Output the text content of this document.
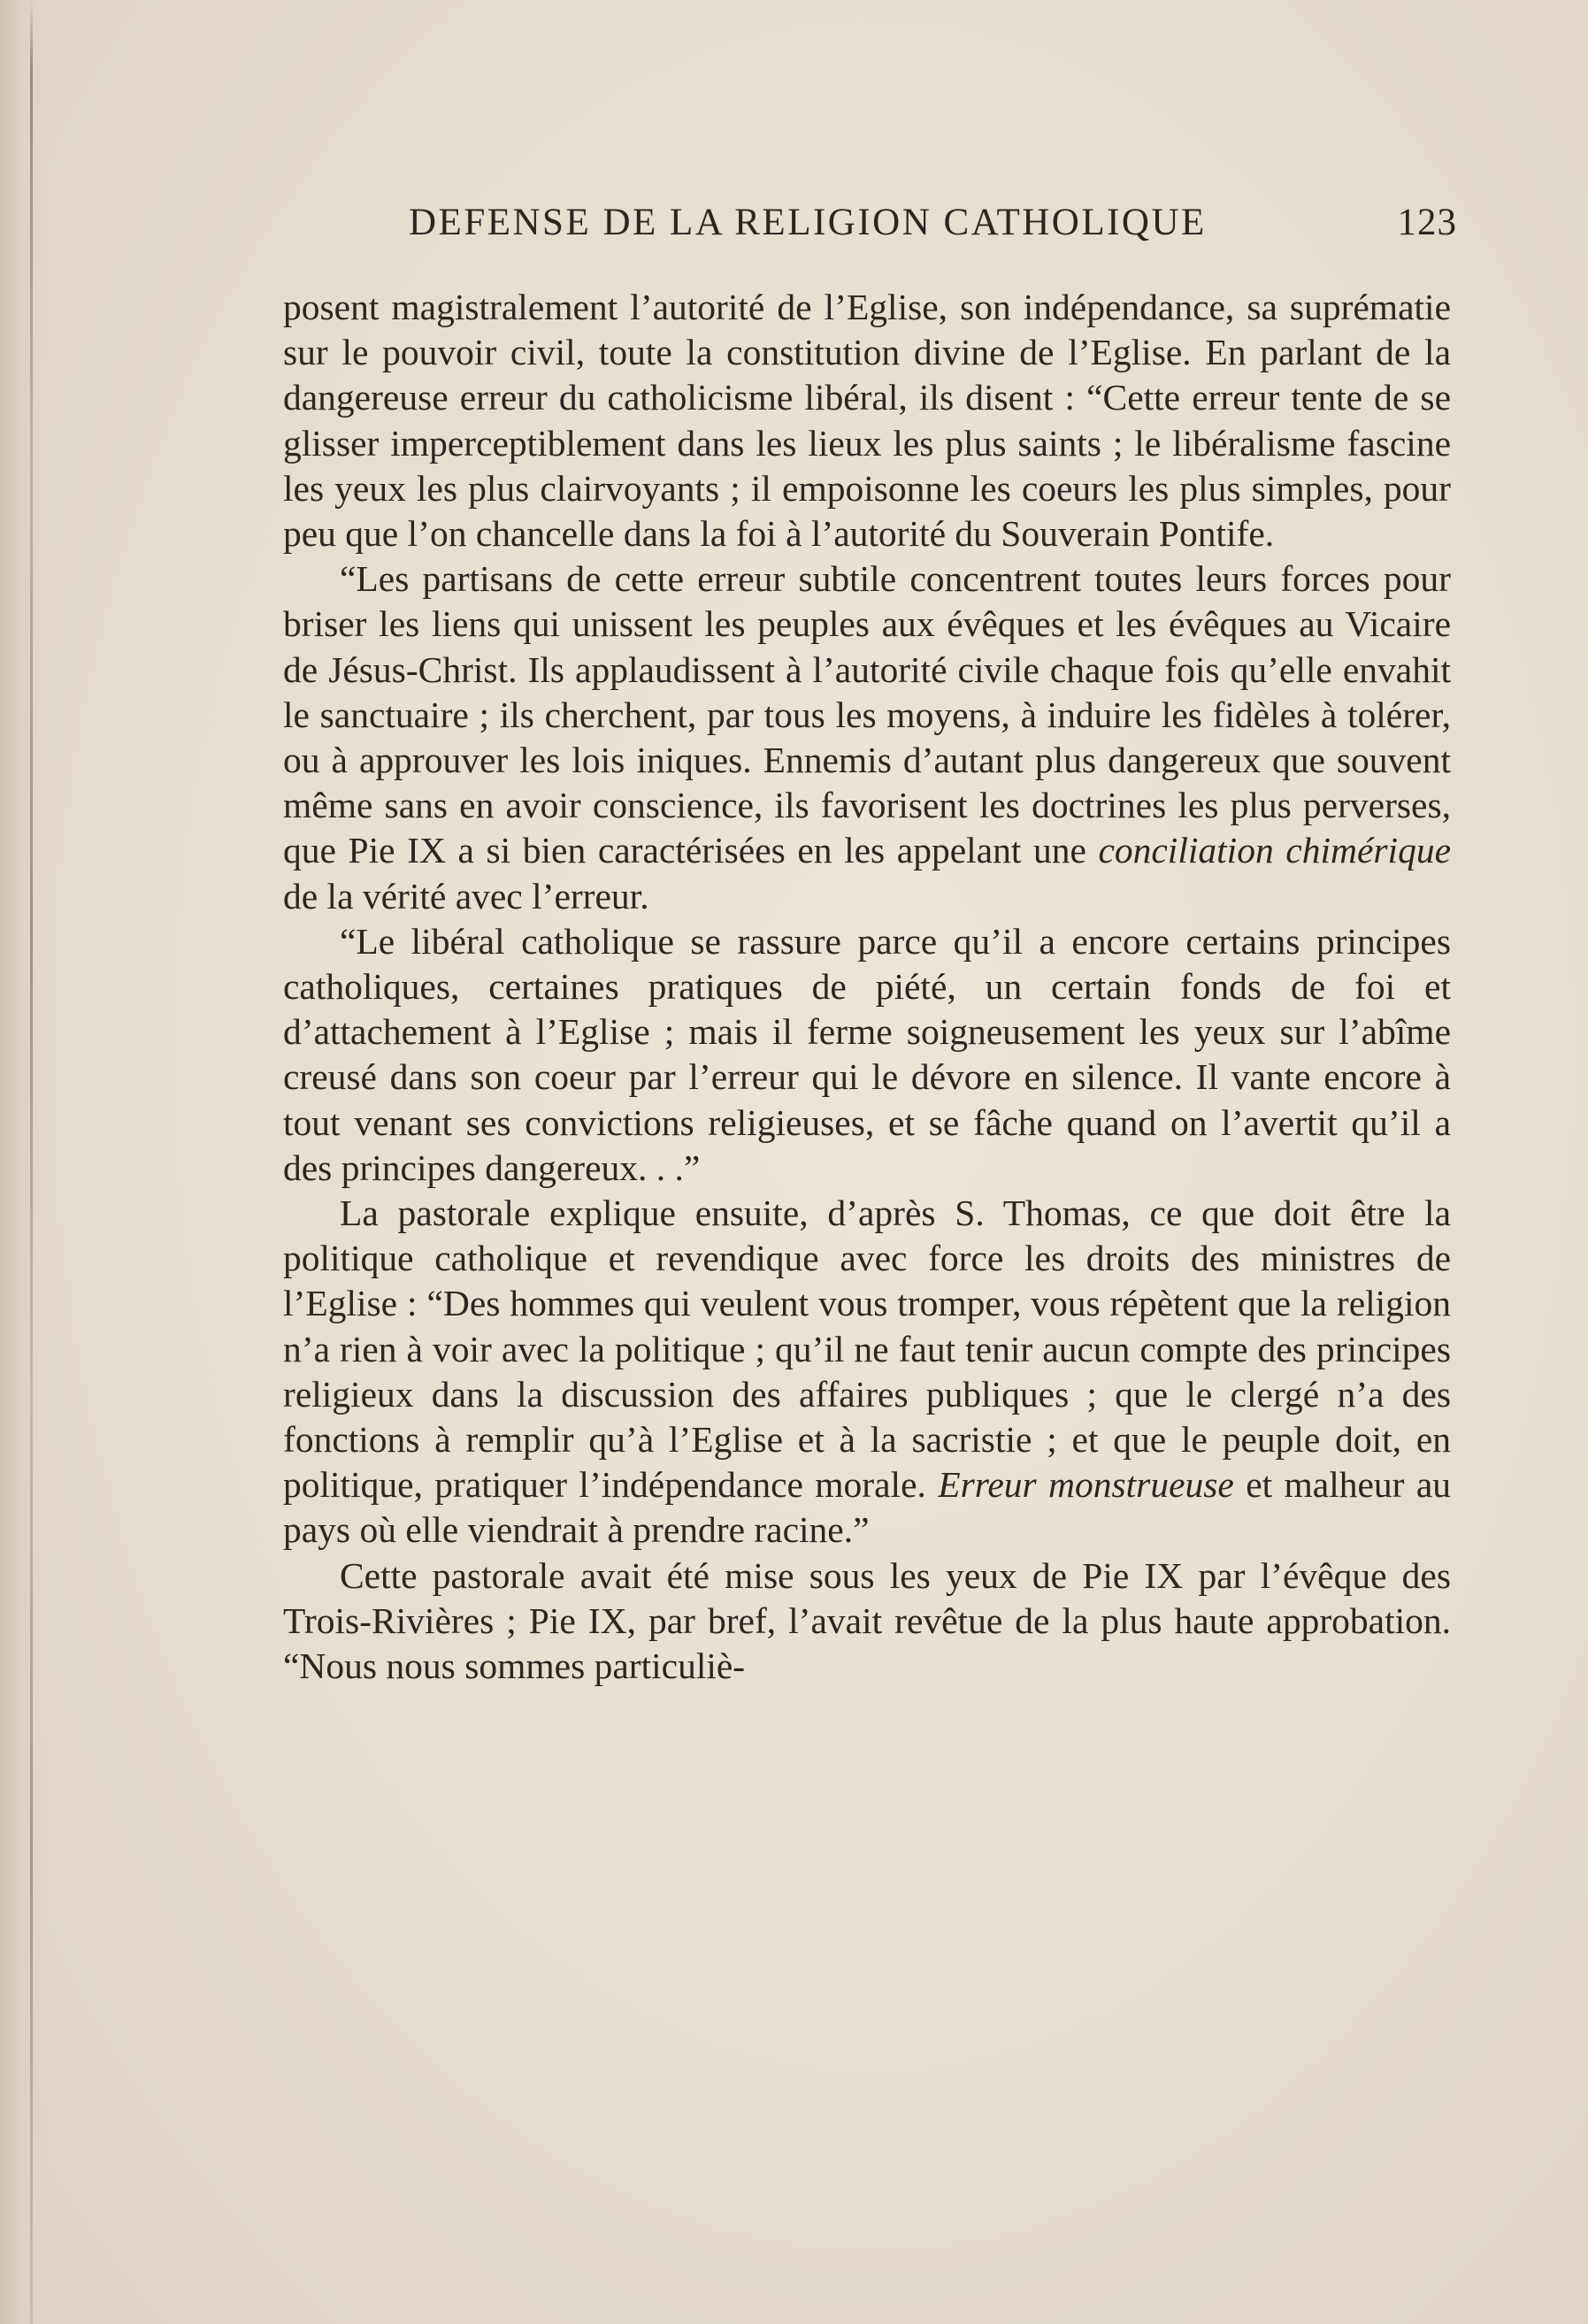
DEFENSE DE LA RELIGION CATHOLIQUE	123

posent magistralement l’autorité de l’Eglise, son indépendance, sa suprématie sur le pouvoir civil, toute la constitution divine de l’Eglise. En parlant de la dangereuse erreur du catholicisme libéral, ils disent : “Cette erreur tente de se glisser imperceptiblement dans les lieux les plus saints ; le libéralisme fascine les yeux les plus clairvoyants ; il empoisonne les coeurs les plus simples, pour peu que l’on chancelle dans la foi à l’autorité du Souverain Pontife.

“Les partisans de cette erreur subtile concentrent toutes leurs forces pour briser les liens qui unissent les peuples aux évêques et les évêques au Vicaire de Jésus-Christ. Ils applaudissent à l’autorité civile chaque fois qu’elle envahit le sanctuaire ; ils cherchent, par tous les moyens, à induire les fidèles à tolérer, ou à approuver les lois iniques. Ennemis d’autant plus dangereux que souvent même sans en avoir conscience, ils favorisent les doctrines les plus perverses, que Pie IX a si bien caractérisées en les appelant une conciliation chimérique de la vérité avec l’erreur.

“Le libéral catholique se rassure parce qu’il a encore certains principes catholiques, certaines pratiques de piété, un certain fonds de foi et d’attachement à l’Eglise ; mais il ferme soigneusement les yeux sur l’abîme creusé dans son coeur par l’erreur qui le dévore en silence. Il vante encore à tout venant ses convictions religieuses, et se fâche quand on l’avertit qu’il a des principes dangereux. . .”

La pastorale explique ensuite, d’après S. Thomas, ce que doit être la politique catholique et revendique avec force les droits des ministres de l’Eglise : “Des hommes qui veulent vous tromper, vous répètent que la religion n’a rien à voir avec la politique ; qu’il ne faut tenir aucun compte des principes religieux dans la discussion des affaires publiques ; que le clergé n’a des fonctions à remplir qu’à l’Eglise et à la sacristie ; et que le peuple doit, en politique, pratiquer l’indépendance morale. Erreur monstrueuse et malheur au pays où elle viendrait à prendre racine.”

Cette pastorale avait été mise sous les yeux de Pie IX par l’évêque des Trois-Rivières ; Pie IX, par bref, l’avait revêtue de la plus haute approbation. “Nous nous sommes particuliè-
